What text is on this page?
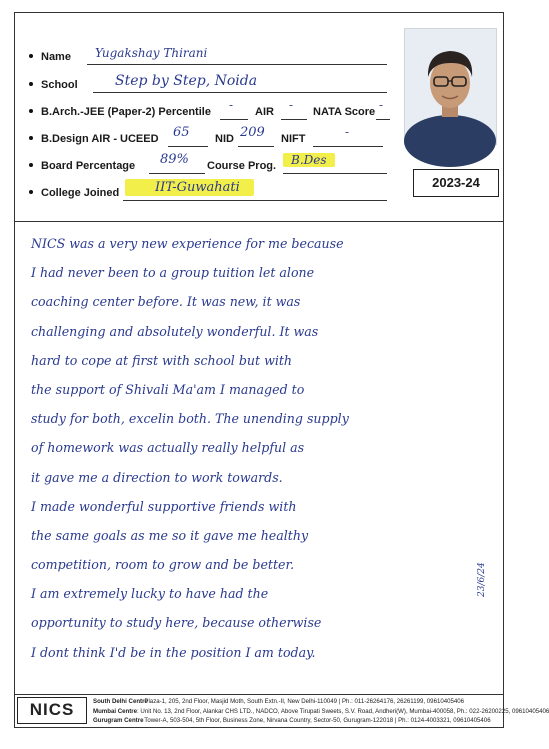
Name Yugakshay Thirani
School	Step by Step, Noida
B.Arch.-JEE (Paper-2) Percentile - AIR - NATA Score -
B.Design AIR - UCEED 65 NID 209 NIFT	-
Board Percentage 89% Course Prog.	B.Des
College Joined	IIT-Guwahati	2023-24
NICS was a very new experience for me because
I had never been to a group tuition let alone
coaching center before. It was new, it was
challenging and absolutely wonderful. It was
hard to cope at first with school but with
the support of Shivali Ma'am I managed to
study for both, excelin both. The unending supply
of homework was actually really helpful as
it gave me a direction to work towards.
I made wonderful supportive friends with
the same goals as me so it gave me healthy
competition, room to grow and be better.
I am extremely lucky to have had the
opportunity to study here, because otherwise
I dont think I'd be in the position I am today.
23/6/24
NICS	South Delhi Centre
: Plaza-1, 205, 2nd Floor, Masjid Moth, South Extn.-II, New Delhi-110049 | Ph.: 011-26264176, 26261199, 09610405406
Mumbai Centre : Unit No. 13, 2nd Floor, Alankar CHS LTD., NADCO, Above Tirupati Sweets, S.V. Road, Andheri(W), Mumbai-400058, Ph.: 022-26200225, 09610405406
Gurugram Centre
: Tower-A, 503-504, 5th Floor, Business Zone, Nirvana Country, Sector-50, Gurugram-122018 | Ph.: 0124-4003321, 09610405406
